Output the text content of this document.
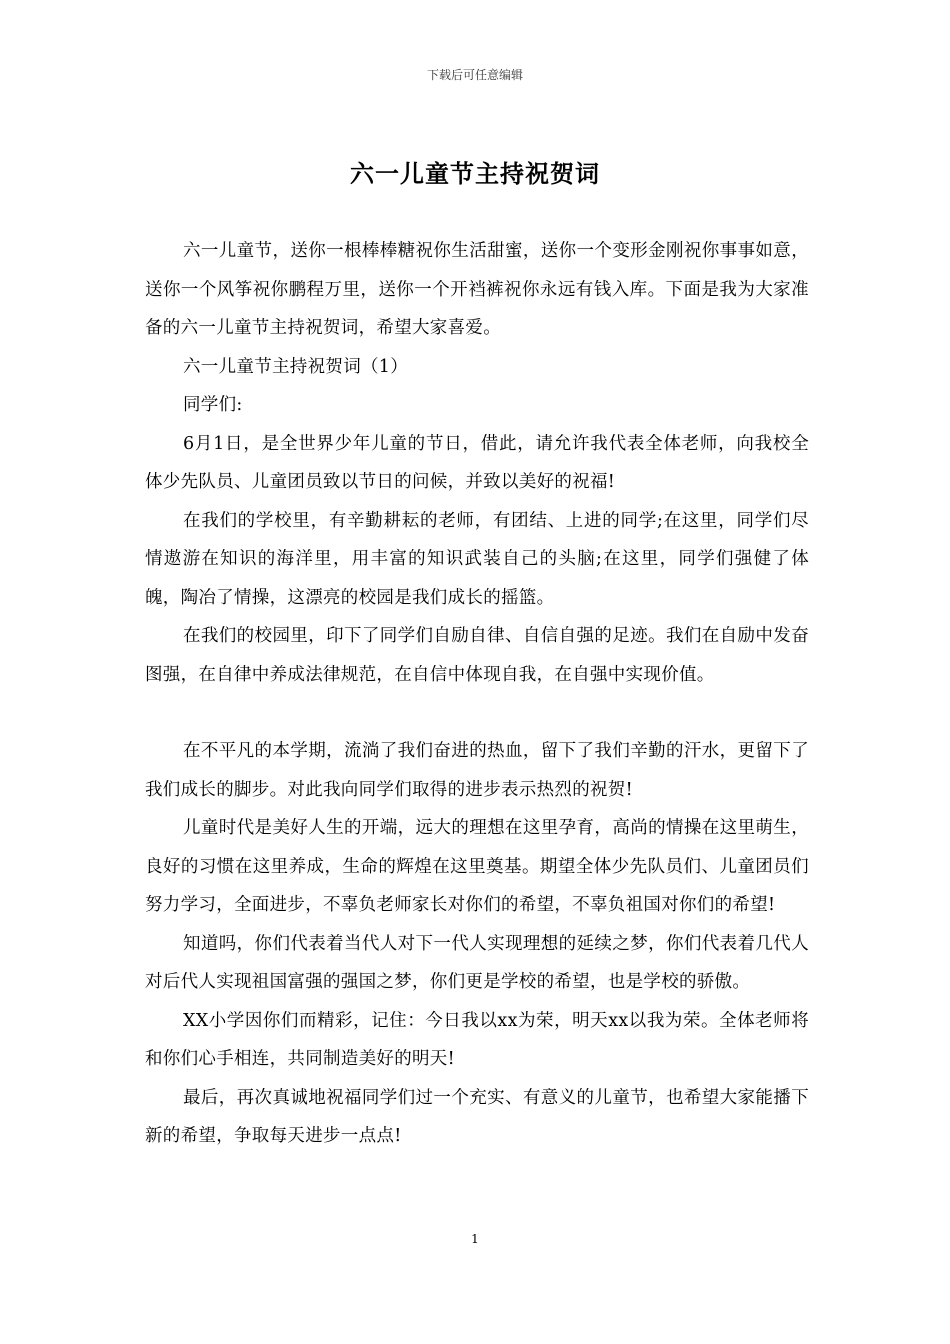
下载后可任意编辑
六一儿童节主持祝贺词

六一儿童节，送你一根棒棒糖祝你生活甜蜜，送你一个变形金刚祝你事事如意，送你一个风筝祝你鹏程万里，送你一个开裆裤祝你永远有钱入库。下面是我为大家准备的六一儿童节主持祝贺词，希望大家喜爱。

六一儿童节主持祝贺词（1）

同学们:

6月1日，是全世界少年儿童的节日，借此，请允许我代表全体老师，向我校全体少先队员、儿童团员致以节日的问候，并致以美好的祝福!

在我们的学校里，有辛勤耕耘的老师，有团结、上进的同学;在这里，同学们尽情遨游在知识的海洋里，用丰富的知识武装自己的头脑;在这里，同学们强健了体魄，陶冶了情操，这漂亮的校园是我们成长的摇篮。

在我们的校园里，印下了同学们自励自律、自信自强的足迹。我们在自励中发奋图强，在自律中养成法律规范，在自信中体现自我，在自强中实现价值。

在不平凡的本学期，流淌了我们奋进的热血，留下了我们辛勤的汗水，更留下了我们成长的脚步。对此我向同学们取得的进步表示热烈的祝贺!

儿童时代是美好人生的开端，远大的理想在这里孕育，高尚的情操在这里萌生，良好的习惯在这里养成，生命的辉煌在这里奠基。期望全体少先队员们、儿童团员们努力学习，全面进步，不辜负老师家长对你们的希望，不辜负祖国对你们的希望!

知道吗，你们代表着当代人对下一代人实现理想的延续之梦，你们代表着几代人对后代人实现祖国富强的强国之梦，你们更是学校的希望，也是学校的骄傲。

XX小学因你们而精彩，记住：今日我以xx为荣，明天xx以我为荣。全体老师将和你们心手相连，共同制造美好的明天!

最后，再次真诚地祝福同学们过一个充实、有意义的儿童节，也希望大家能播下新的希望，争取每天进步一点点!

1
